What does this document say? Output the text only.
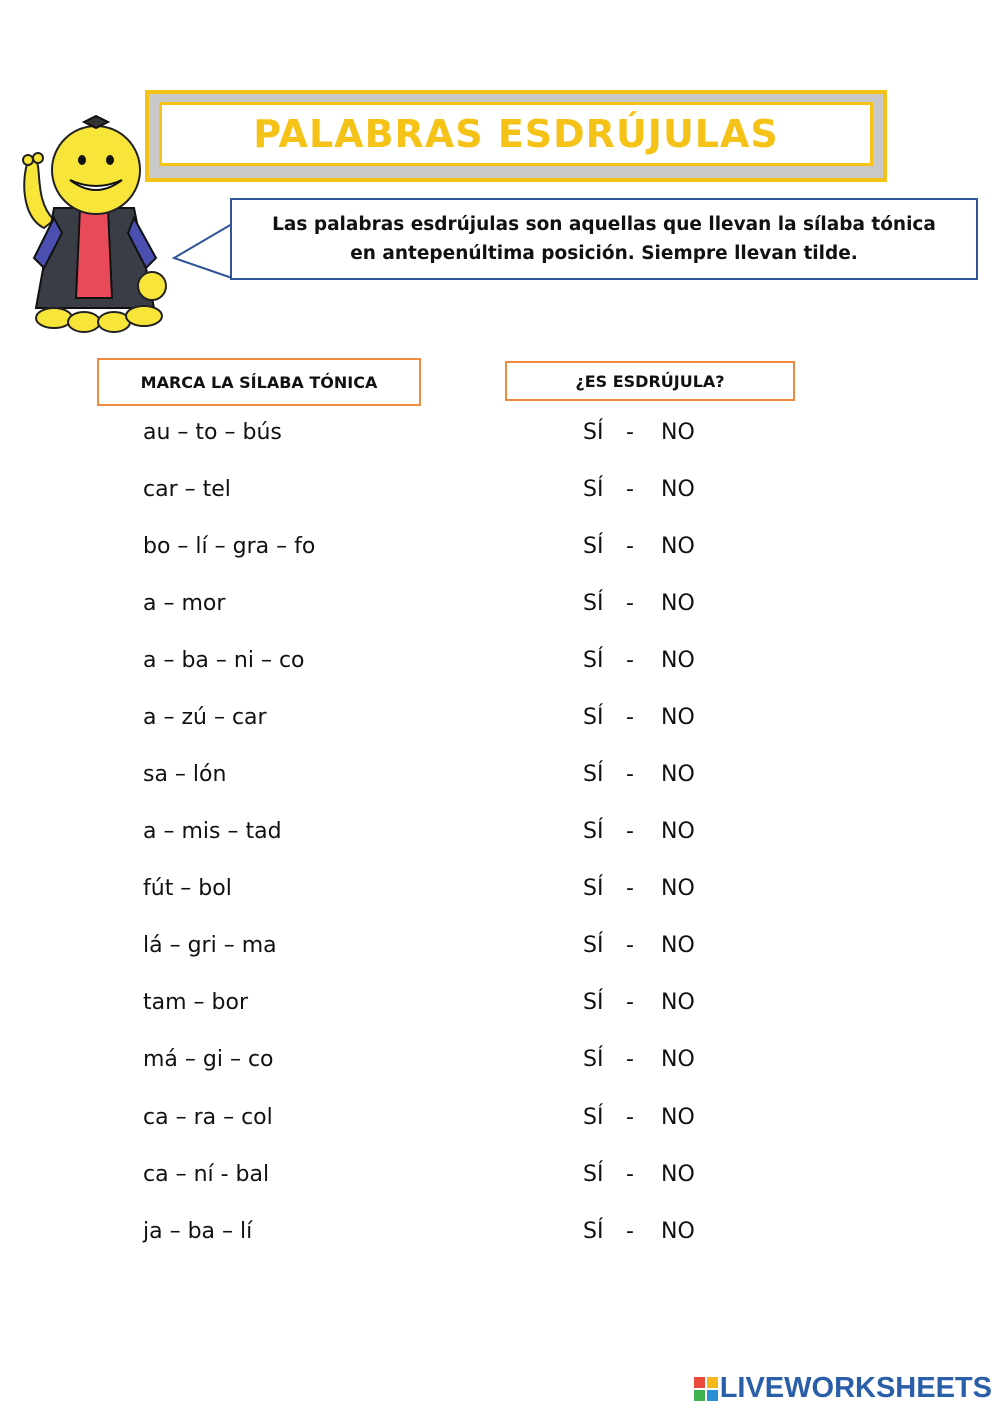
PALABRAS ESDRÚJULAS
Las palabras esdrújulas son aquellas que llevan la sílaba tónica
en antepenúltima posición. Siempre llevan tilde.
MARCA LA SÍLABA TÓNICA	¿ES ESDRÚJULA?
au – to – bús	SÍ - NO
car – tel	SÍ - NO
bo – lí – gra – fo	SÍ - NO
a – mor	SÍ - NO
a – ba – ni – co	SÍ - NO
a – zú – car	SÍ - NO
sa – lón	SÍ - NO
a – mis – tad	SÍ - NO
fút – bol	SÍ - NO
lá – gri – ma	SÍ - NO
tam – bor	SÍ - NO
má – gi – co	SÍ - NO
ca – ra – col	SÍ - NO
ca – ní - bal	SÍ - NO
ja – ba – lí	SÍ - NO
LIVEWORKSHEETS
